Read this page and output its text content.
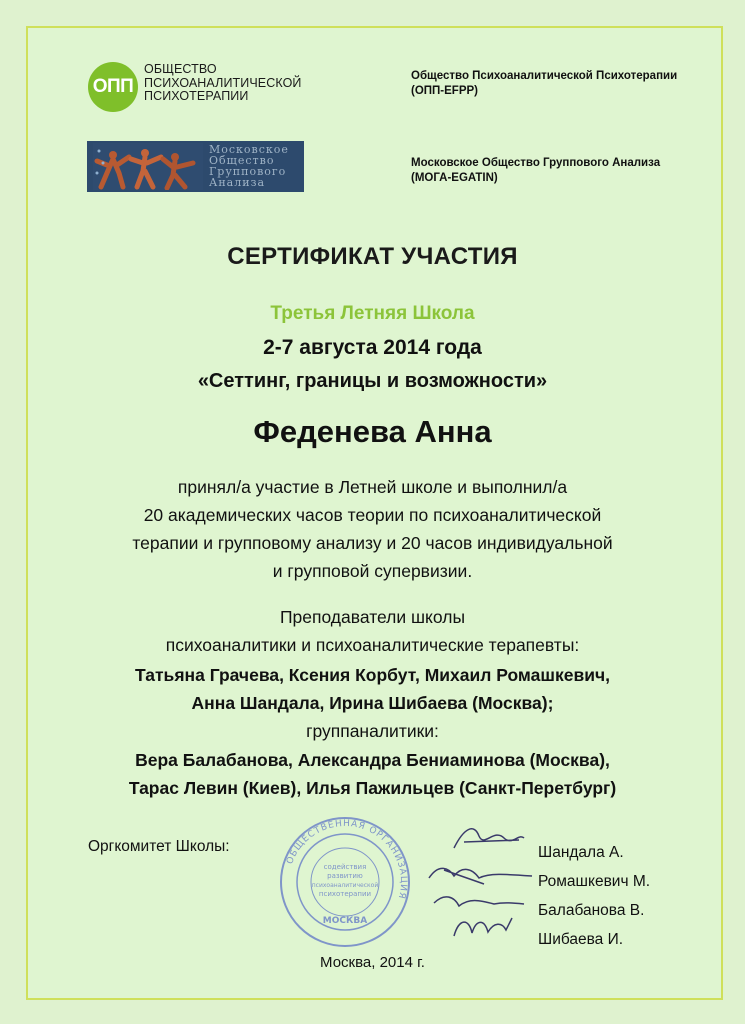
ОПП
ОБЩЕСТВО
ПСИХОАНАЛИТИЧЕСКОЙ
ПСИХОТЕРАПИИ
Общество Психоаналитической Психотерапии
(ОПП-EFPP)
Московское
Общество
Группового
Анализа
Московское Общество Группового Анализа
(МОГА-EGATIN)
СЕРТИФИКАТ УЧАСТИЯ
Третья Летняя Школа
2-7 августа 2014 года
«Сеттинг, границы и возможности»
Феденева Анна
принял/а участие в Летней школе и выполнил/а
20 академических часов теории по психоаналитической
терапии и групповому анализу и 20 часов индивидуальной
и групповой супервизии.
Преподаватели школы
психоаналитики и психоаналитические терапевты:
Татьяна Грачева, Ксения Корбут, Михаил Ромашкевич,
Анна Шандала, Ирина Шибаева (Москва);
группаналитики:
Вера Балабанова, Александра Бениаминова (Москва),
Тарас Левин (Киев), Илья Пажильцев (Санкт-Перетбург)
Оргкомитет Школы:
ОБЩЕСТВЕННАЯ ОРГАНИЗАЦИЯ
содействия
развитию
психоаналитической
психотерапии
МОСКВА
Шандала А.
Ромашкевич М.
Балабанова В.
Шибаева И.
Москва, 2014 г.
